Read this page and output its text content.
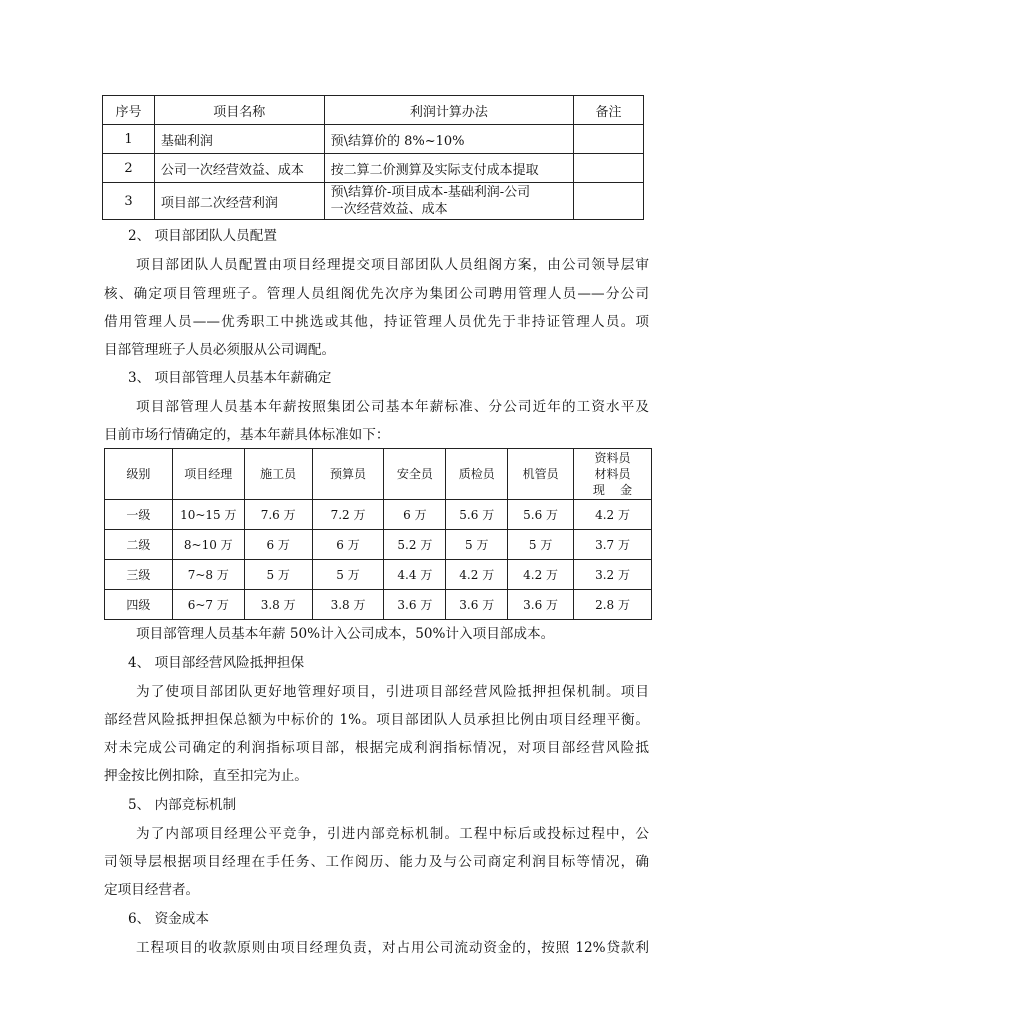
序号	项目名称	利润计算办法	备注
1	基础利润	预\结算价的 8%~10%	
2	公司一次经营效益、成本	按二算二价测算及实际支付成本提取	
3	项目部二次经营利润	预\结算价-项目成本-基础利润-公司
一次经营效益、成本	

2、 项目部团队人员配置
项目部团队人员配置由项目经理提交项目部团队人员组阁方案，由公司领导层审
核、确定项目管理班子。管理人员组阁优先次序为集团公司聘用管理人员——分公司
借用管理人员——优秀职工中挑选或其他，持证管理人员优先于非持证管理人员。项
目部管理班子人员必须服从公司调配。
3、 项目部管理人员基本年薪确定
项目部管理人员基本年薪按照集团公司基本年薪标准、分公司近年的工资水平及
目前市场行情确定的，基本年薪具体标准如下：
级别	项目经理	施工员	预算员	安全员	质检员	机管员	资料员
材料员
现    金

一级	10~15 万	7.6 万	7.2 万	6 万	5.6 万	5.6 万	4.2 万
二级	8~10 万	6 万	6 万	5.2 万	5 万	5 万	3.7 万
三级	7~8 万	5 万	5 万	4.4 万	4.2 万	4.2 万	3.2 万
四级	6~7 万	3.8 万	3.8 万	3.6 万	3.6 万	3.6 万	2.8 万
项目部管理人员基本年薪 50%计入公司成本，50%计入项目部成本。
4、 项目部经营风险抵押担保
为了使项目部团队更好地管理好项目，引进项目部经营风险抵押担保机制。项目
部经营风险抵押担保总额为中标价的 1%。项目部团队人员承担比例由项目经理平衡。
对未完成公司确定的利润指标项目部，根据完成利润指标情况，对项目部经营风险抵
押金按比例扣除，直至扣完为止。
5、 内部竞标机制
为了内部项目经理公平竞争，引进内部竞标机制。工程中标后或投标过程中，公
司领导层根据项目经理在手任务、工作阅历、能力及与公司商定利润目标等情况，确
定项目经营者。
6、 资金成本
工程项目的收款原则由项目经理负责，对占用公司流动资金的，按照 12%贷款利
